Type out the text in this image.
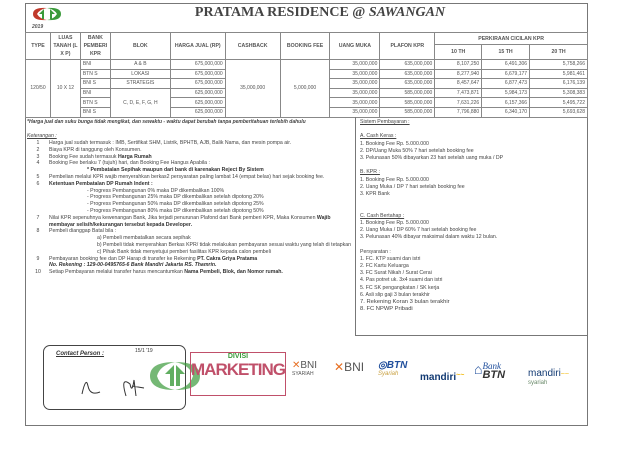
PRATAMA RESIDENCE @ SAWANGAN
2019
TYPE	LUAS TANAH (L X P)	BANK PEMBERI KPR	BLOK	HARGA JUAL (RP)	CASHBACK	BOOKING FEE	UANG MUKA	PLAFON KPR	PERKIRAAN CICILAN KPR		
									10 TH	15 TH	20 TH
120/50	10 X 12	BNI	A & B	675,000,000	35,000,000	5,000,000	35,000,000	635,000,000	8,107,250	6,491,306	5,758,266
		BTN S	LOKASI	675,000,000			35,000,000	635,000,000	8,277,940	6,679,177	5,981,461
		BNI S	STRATEGIS	675,000,000			35,000,000	635,000,000	8,457,647	6,877,473	6,176,139
		BNI	C, D, E, F, G, H	625,000,000			35,000,000	585,000,000	7,473,871	5,984,173	5,308,383
		BTN S		625,000,000			35,000,000	585,000,000	7,631,226	6,157,366	5,495,722
		BNI S		625,000,000			35,000,000	585,000,000	7,796,880	6,340,170	5,693,628
*Harga jual dan suku bunga tidak mengikat, dan sewaktu - waktu dapat berubah tanpa pemberitahuan terlebih dahulu
Keterangan :
1	Harga jual sudah termasuk : IMB, Sertifikat SHM, Listrik, BPHTB, AJB, Balik Nama, dan mesin pompa air.
2	Biaya KPR di tanggung oleh Konsumen.
3	Booking Fee sudah termasuk Harga Rumah
4	Booking Fee berlaku 7 (tujuh) hari, dan Booking Fee Hangus Apabila :
* Pembatalan Sepihak maupun dari bank di karenakan Reject By Sistem
5	Pembelian melalui KPR wajib menyerahkan berkas2 persyaratan paling lambat 14 (empat belas) hari sejak booking fee.
6	Ketentuan Pembatalan DP Rumah Indent :
- Progress Pembangunan 0% maka DP dikembalikan 100%
- Progress Pembangunan 25% maka DP dikembalikan setelah dipotong 20%
- Progress Pembangunan 50% maka DP dikembalikan setelah dipotong 25%
- Progress Pembangunan 80% maka DP dikembalikan setelah dipotong 50%
7	Nilai KPR sepenuhnya kewenangan Bank, Jika terjadi penurunan Plafond dari Bank pemberi KPR, Maka Konsumen Wajib membayar selisih/kekurangan tersebut kepada Developer.
8	Pembeli dianggap Batal bila :
a) Pembeli membatalkan secara sepihak
b) Pembeli tidak menyerahkan Berkas KPR/ tidak melakukan pembayaran sesuai waktu yang telah di tetapkan
c) Pihak Bank tidak menyetujui pemberi fasilitas KPR kepada calon pembeli
9	Pembayaran booking fee dan DP Harap di transfer ke Rekening PT. Cakra Griya Pratama
No. Rekening : 129-00-0495765-6 Bank Mandiri Jakarta RS. Thamrin.
10	Setiap Pembayaran melalui transfer harus mencantumkan Nama Pembeli, Blok, dan Nomor rumah.
Sistem Pembayaran :

A. Cash Keras :
1. Booking Fee Rp. 5.000.000
2. DP/Uang Muka 50% 7 hari setelah booking fee
3. Pelunasan 50% dibayarkan 23 hari setelah uang muka / DP

B. KPR :
1. Booking Fee Rp. 5.000.000
2. Uang Muka / DP 7 hari setelah booking fee
3. KPR Bank

C. Cash Bertahap :
1. Booking Fee Rp. 5.000.000
2. Uang Muka / DP 60% 7 hari setelah booking fee
3. Pelunasan 40% dibayar maksimal dalam waktu 12 bulan.

Persyaratan :
1. FC. KTP suami dan istri
2. FC Kartu Keluarga
3. FC Surat Nikah / Surat Cerai
4. Pas potret uk. 3x4 suami dan istri
5. FC SK pengangkatan / SK kerja
6. Asli slip gaji 3 bulan terakhir
7. Rekening Koran 3 bulan terakhir
8. FC NPWP Pribadi
Contact Person :	15/1 '19
DIVISI
MARKETING ✕BNI
SYARIAH ✕BNI ◎BTN
Syariah	mandiri~~ ⌂Bank
BTN mandiri~~
syariah
